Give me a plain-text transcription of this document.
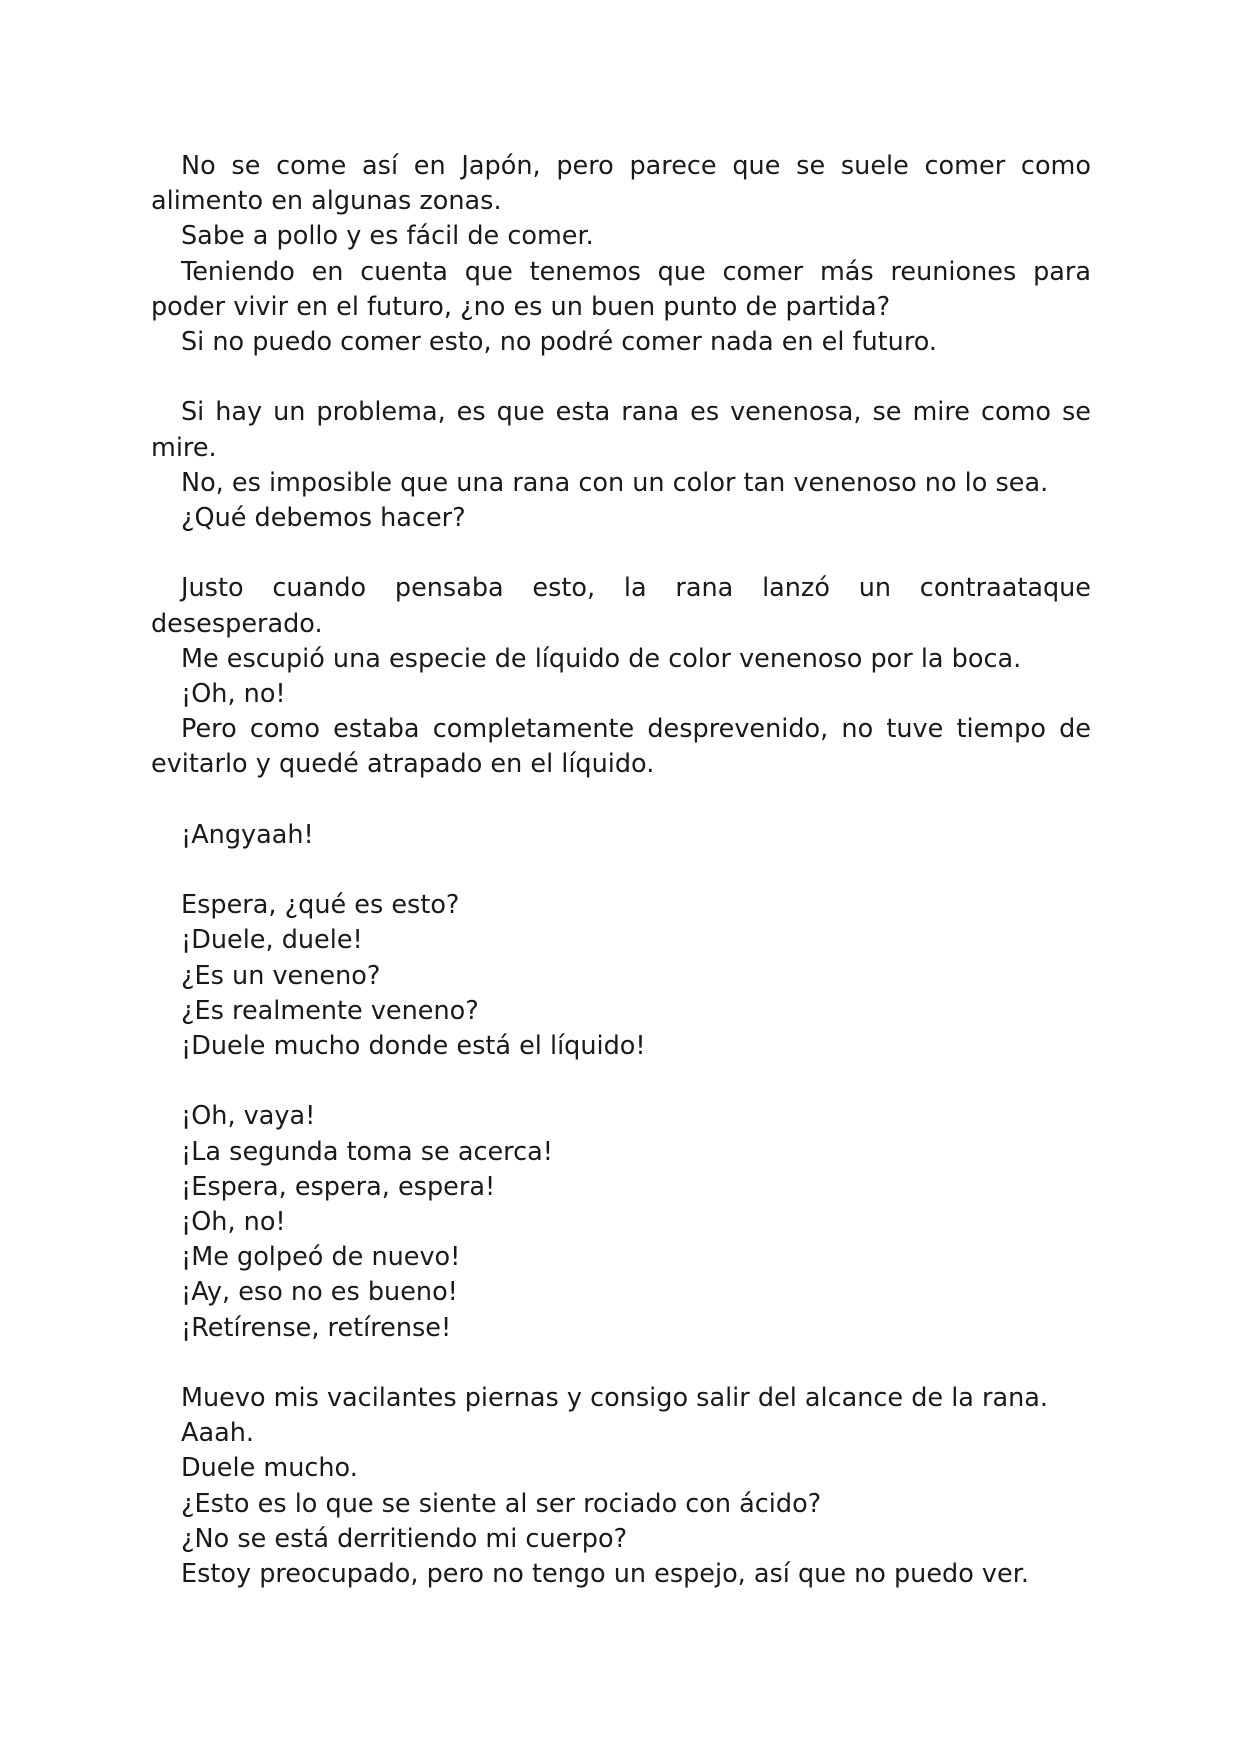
No se come así en Japón, pero parece que se suele comer como alimento en algunas zonas.

Sabe a pollo y es fácil de comer.

Teniendo en cuenta que tenemos que comer más reuniones para poder vivir en el futuro, ¿no es un buen punto de partida?

Si no puedo comer esto, no podré comer nada en el futuro.

Si hay un problema, es que esta rana es venenosa, se mire como se mire.

No, es imposible que una rana con un color tan venenoso no lo sea.

¿Qué debemos hacer?

Justo cuando pensaba esto, la rana lanzó un contraataque desesperado.

Me escupió una especie de líquido de color venenoso por la boca.

¡Oh, no!

Pero como estaba completamente desprevenido, no tuve tiempo de evitarlo y quedé atrapado en el líquido.

¡Angyaah!

Espera, ¿qué es esto?

¡Duele, duele!

¿Es un veneno?

¿Es realmente veneno?

¡Duele mucho donde está el líquido!

¡Oh, vaya!

¡La segunda toma se acerca!

¡Espera, espera, espera!

¡Oh, no!

¡Me golpeó de nuevo!

¡Ay, eso no es bueno!

¡Retírense, retírense!

Muevo mis vacilantes piernas y consigo salir del alcance de la rana.

Aaah.

Duele mucho.

¿Esto es lo que se siente al ser rociado con ácido?

¿No se está derritiendo mi cuerpo?

Estoy preocupado, pero no tengo un espejo, así que no puedo ver.
